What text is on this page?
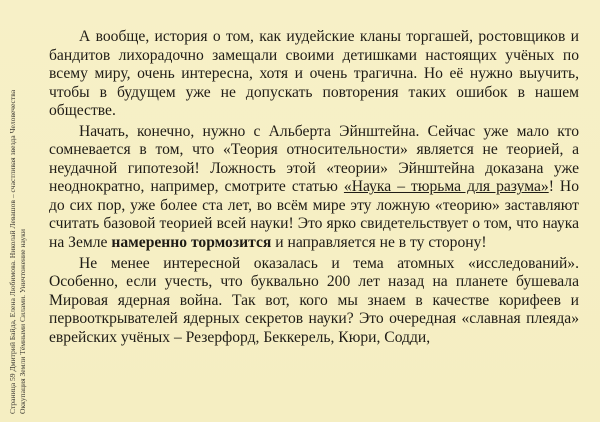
Страница 59 Дмитрий Байда, Елена Любимова. Николай Левашов – счастливая звезда Человечества Оккупация Земли Тёмными Силами. Уничтожение науки

А вообще, история о том, как иудейские кланы торгашей, ростовщиков и бандитов лихорадочно замещали своими детишками настоящих учёных по всему миру, очень интересна, хотя и очень трагична. Но её нужно выучить, чтобы в будущем уже не допускать повторения таких ошибок в нашем обществе.

Начать, конечно, нужно с Альберта Эйнштейна. Сейчас уже мало кто сомневается в том, что «Теория относительности» является не теорией, а неудачной гипотезой! Ложность этой «теории» Эйнштейна доказана уже неоднократно, например, смотрите статью «Наука – тюрьма для разума»! Но до сих пор, уже более ста лет, во всём мире эту ложную «теорию» заставляют считать базовой теорией всей науки! Это ярко свидетельствует о том, что наука на Земле намеренно тормозится и направляется не в ту сторону!

Не менее интересной оказалась и тема атомных «исследований». Особенно, если учесть, что буквально 200 лет назад на планете бушевала Мировая ядерная война. Так вот, кого мы знаем в качестве корифеев и первооткрывателей ядерных секретов науки? Это очередная «славная плеяда» еврейских учёных – Резерфорд, Беккерель, Кюри, Содди,
